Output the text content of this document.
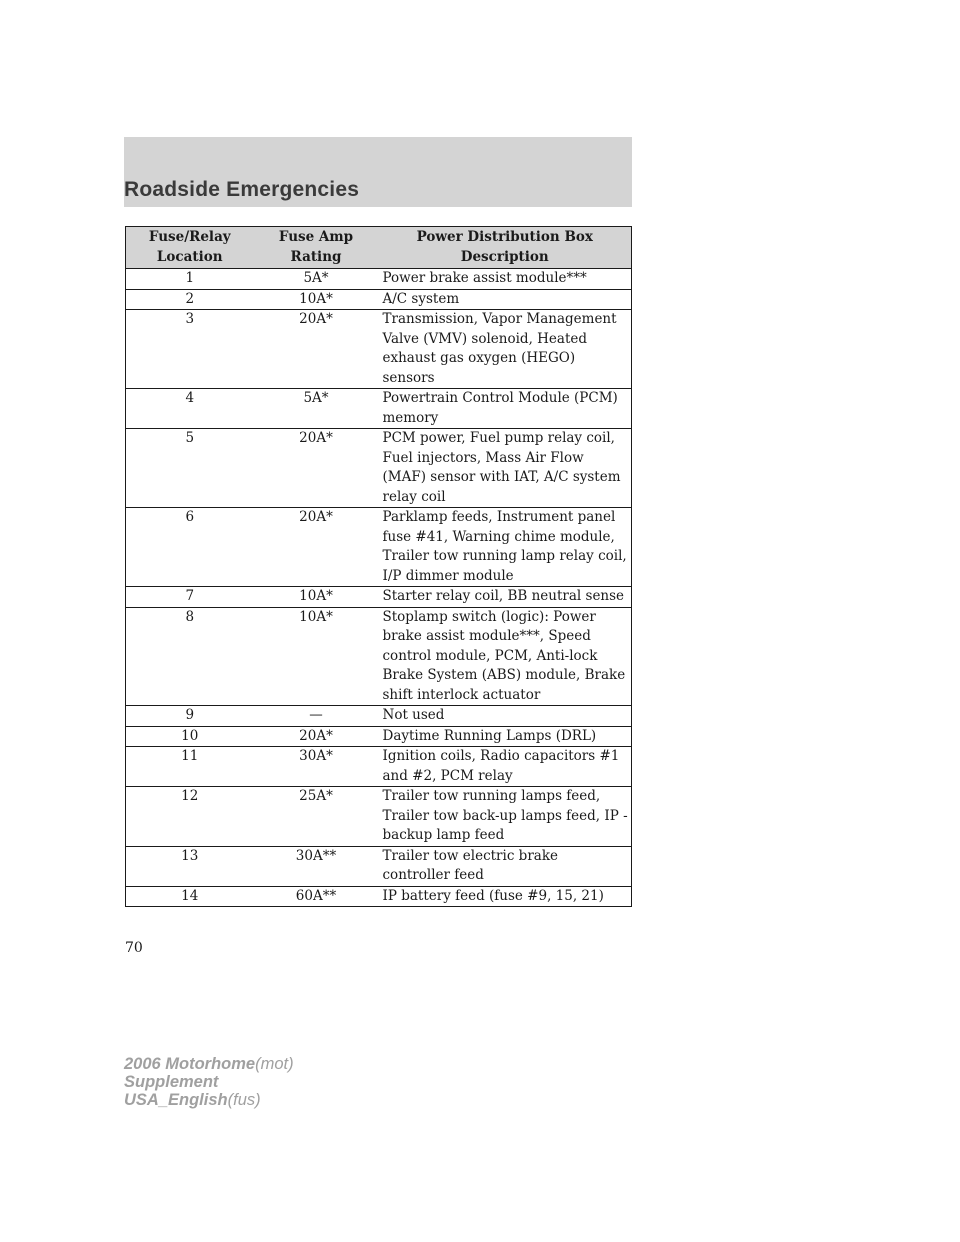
Roadside Emergencies
Fuse/Relay Location	Fuse Amp Rating	Power Distribution Box Description
1	5A*	Power brake assist module***
2	10A*	A/C system
3	20A*	Transmission, Vapor Management Valve (VMV) solenoid, Heated exhaust gas oxygen (HEGO) sensors
4	5A*	Powertrain Control Module (PCM) memory
5	20A*	PCM power, Fuel pump relay coil, Fuel injectors, Mass Air Flow (MAF) sensor with IAT, A/C system relay coil
6	20A*	Parklamp feeds, Instrument panel fuse #41, Warning chime module, Trailer tow running lamp relay coil, I/P dimmer module
7	10A*	Starter relay coil, BB neutral sense
8	10A*	Stoplamp switch (logic): Power brake assist module***, Speed control module, PCM, Anti-lock Brake System (ABS) module, Brake shift interlock actuator
9	—	Not used
10	20A*	Daytime Running Lamps (DRL)
11	30A*	Ignition coils, Radio capacitors #1 and #2, PCM relay
12	25A*	Trailer tow running lamps feed, Trailer tow back-up lamps feed, IP - backup lamp feed
13	30A**	Trailer tow electric brake controller feed
14	60A**	IP battery feed (fuse #9, 15, 21)
70
2006 Motorhome(mot)
Supplement
USA_English(fus)
